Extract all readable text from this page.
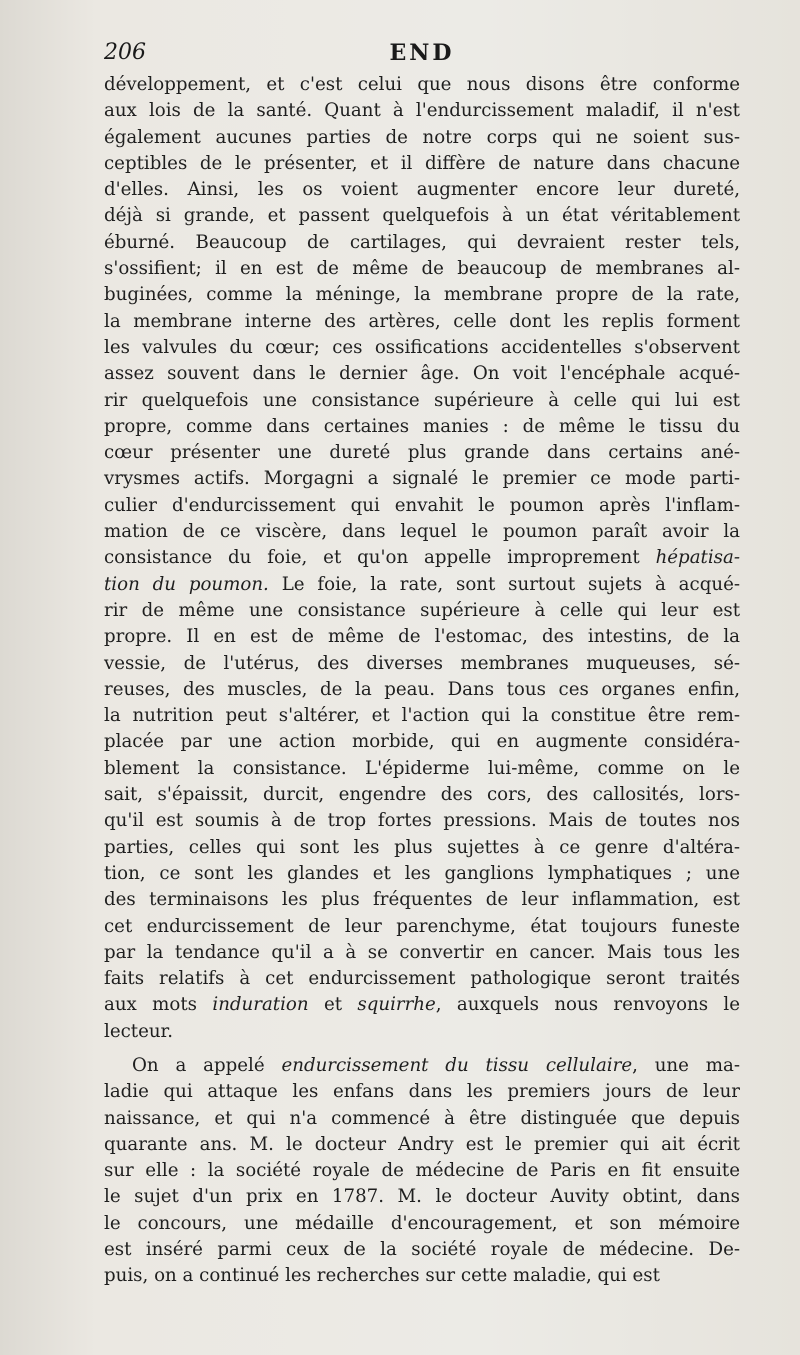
206	END
développement, et c'est celui que nous disons être conforme
aux lois de la santé. Quant à l'endurcissement maladif, il n'est
également aucunes parties de notre corps qui ne soient sus-
ceptibles de le présenter, et il diffère de nature dans chacune
d'elles. Ainsi, les os voient augmenter encore leur dureté,
déjà si grande, et passent quelquefois à un état véritablement
éburné. Beaucoup de cartilages, qui devraient rester tels,
s'ossifient; il en est de même de beaucoup de membranes al-
buginées, comme la méninge, la membrane propre de la rate,
la membrane interne des artères, celle dont les replis forment
les valvules du cœur; ces ossifications accidentelles s'observent
assez souvent dans le dernier âge. On voit l'encéphale acqué-
rir quelquefois une consistance supérieure à celle qui lui est
propre, comme dans certaines manies : de même le tissu du
cœur présenter une dureté plus grande dans certains ané-
vrysmes actifs. Morgagni a signalé le premier ce mode parti-
culier d'endurcissement qui envahit le poumon après l'inflam-
mation de ce viscère, dans lequel le poumon paraît avoir la
consistance du foie, et qu'on appelle improprement hépatisa-
tion du poumon. Le foie, la rate, sont surtout sujets à acqué-
rir de même une consistance supérieure à celle qui leur est
propre. Il en est de même de l'estomac, des intestins, de la
vessie, de l'utérus, des diverses membranes muqueuses, sé-
reuses, des muscles, de la peau. Dans tous ces organes enfin,
la nutrition peut s'altérer, et l'action qui la constitue être rem-
placée par une action morbide, qui en augmente considéra-
blement la consistance. L'épiderme lui-même, comme on le
sait, s'épaissit, durcit, engendre des cors, des callosités, lors-
qu'il est soumis à de trop fortes pressions. Mais de toutes nos
parties, celles qui sont les plus sujettes à ce genre d'altéra-
tion, ce sont les glandes et les ganglions lymphatiques ; une
des terminaisons les plus fréquentes de leur inflammation, est
cet endurcissement de leur parenchyme, état toujours funeste
par la tendance qu'il a à se convertir en cancer. Mais tous les
faits relatifs à cet endurcissement pathologique seront traités
aux mots induration et squirrhe, auxquels nous renvoyons le
lecteur.
On a appelé endurcissement du tissu cellulaire, une ma-
ladie qui attaque les enfans dans les premiers jours de leur
naissance, et qui n'a commencé à être distinguée que depuis
quarante ans. M. le docteur Andry est le premier qui ait écrit
sur elle : la société royale de médecine de Paris en fit ensuite
le sujet d'un prix en 1787. M. le docteur Auvity obtint, dans
le concours, une médaille d'encouragement, et son mémoire
est inséré parmi ceux de la société royale de médecine. De-
puis, on a continué les recherches sur cette maladie, qui est
